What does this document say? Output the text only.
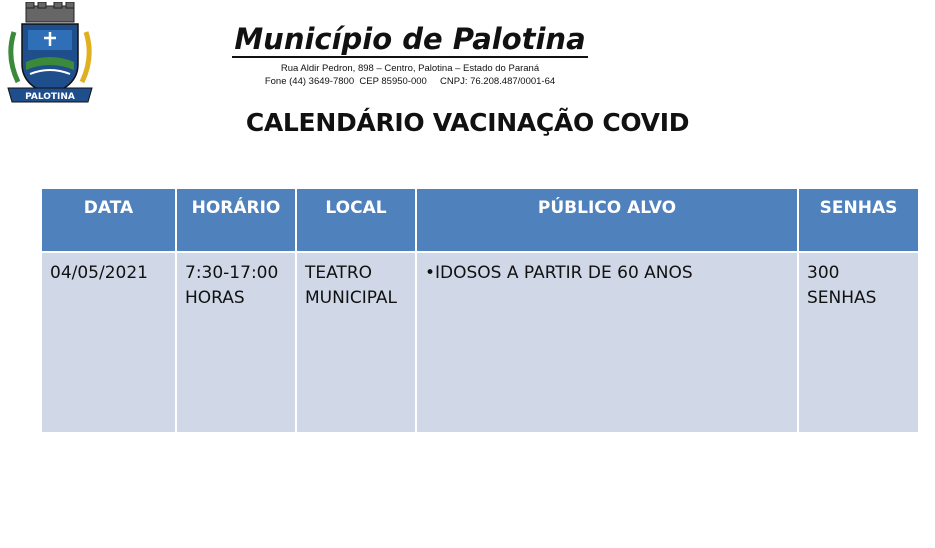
PALOTINA
Município de Palotina
Rua Aldir Pedron, 898 – Centro, Palotina – Estado do Paraná
Fone (44) 3649-7800  CEP 85950-000     CNPJ: 76.208.487/0001-64
CALENDÁRIO VACINAÇÃO COVID
DATA	HORÁRIO	LOCAL	PÚBLICO ALVO	SENHAS
04/05/2021	7:30-17:00 HORAS	TEATRO MUNICIPAL	•IDOSOS A PARTIR DE 60 ANOS	300 SENHAS
